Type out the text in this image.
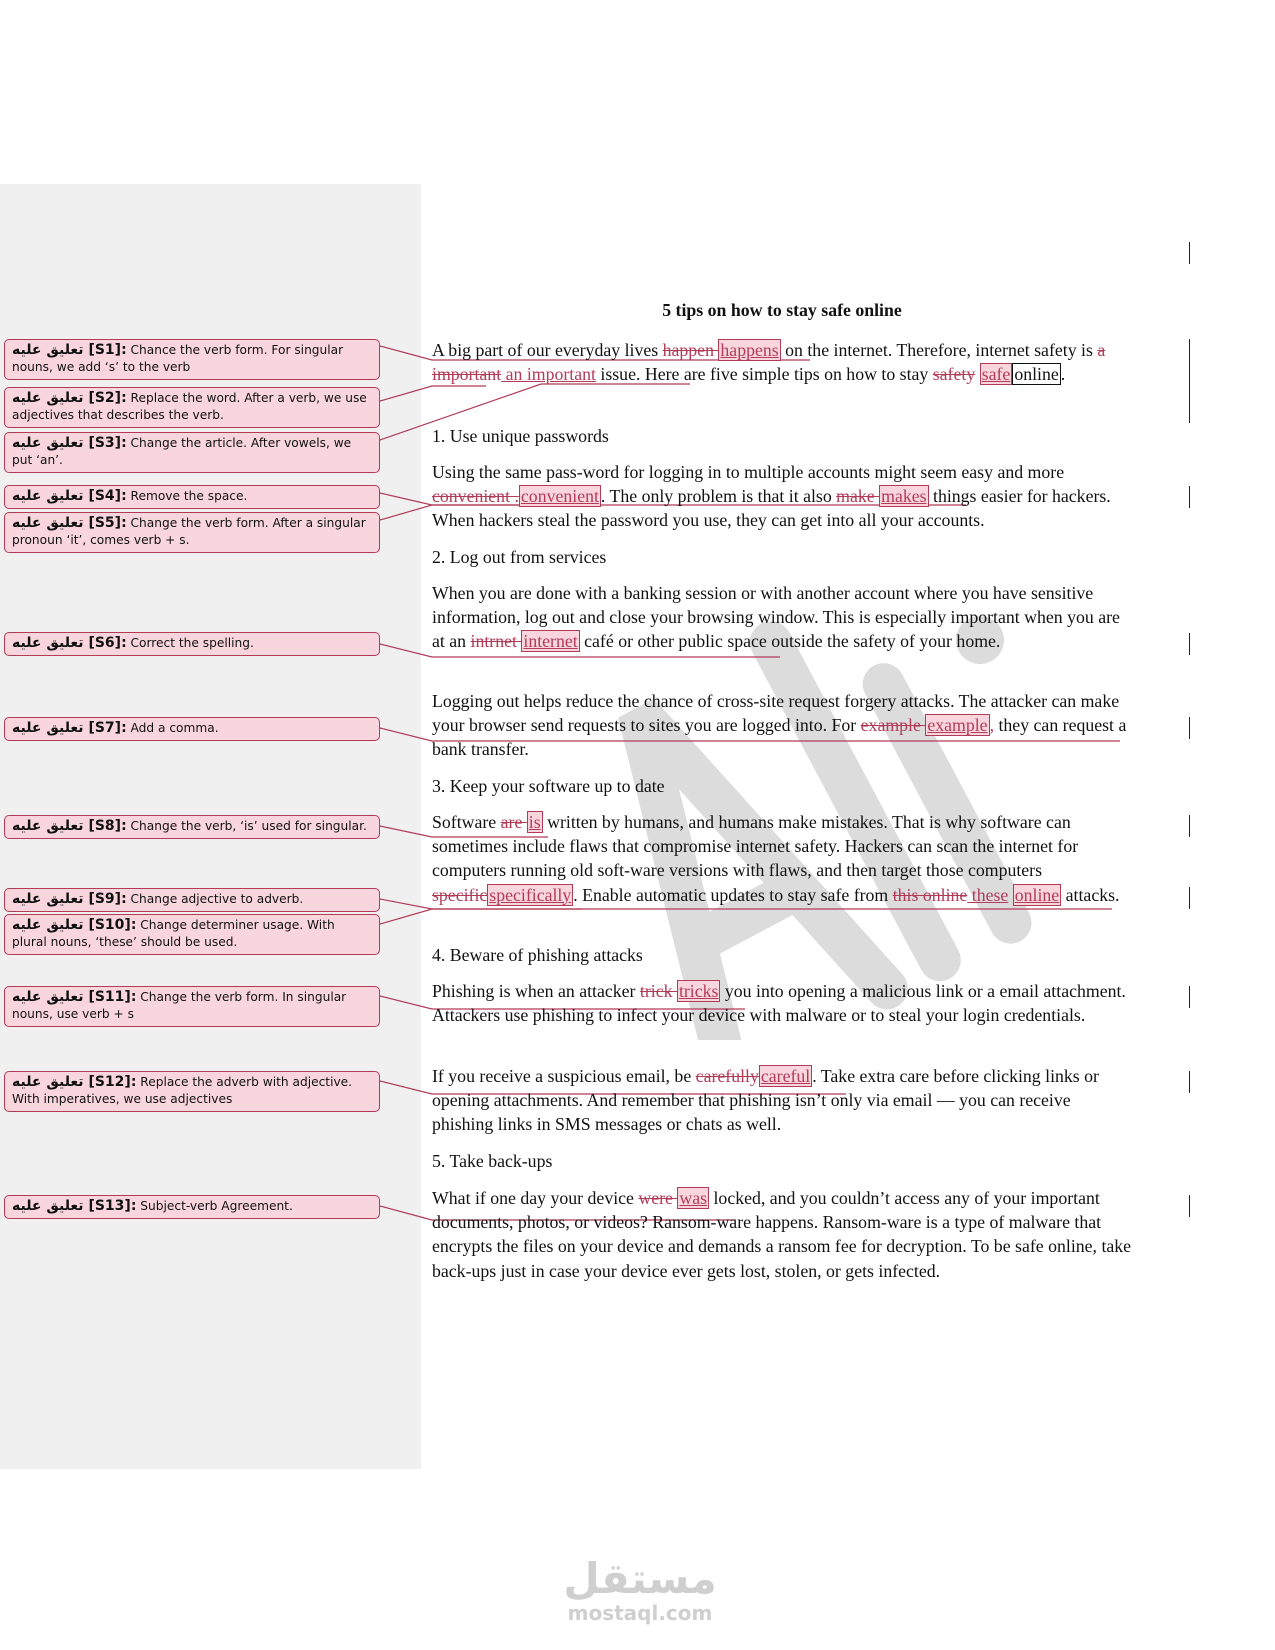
تعليق عليه [S1]: Chance the verb form. For singular nouns, we add ‘s’ to the verb
تعليق عليه [S2]: Replace the word. After a verb, we use adjectives that describes the verb.
تعليق عليه [S3]: Change the article. After vowels, we put ‘an’.
تعليق عليه [S4]: Remove the space.
تعليق عليه [S5]: Change the verb form. After a singular pronoun ‘it’, comes verb + s.
تعليق عليه [S6]: Correct the spelling.
تعليق عليه [S7]: Add a comma.
تعليق عليه [S8]: Change the verb, ‘is’ used for singular.
تعليق عليه [S9]: Change adjective to adverb.
تعليق عليه [S10]: Change determiner usage. With plural nouns, ‘these’ should be used.
تعليق عليه [S11]: Change the verb form. In singular nouns, use verb + s
تعليق عليه [S12]: Replace the adverb with adjective. With imperatives, we use adjectives
تعليق عليه [S13]: Subject-verb Agreement.
5 tips on how to stay safe online
A big part of our everyday lives happen happens on the internet. Therefore, internet safety is a important an important issue. Here are five simple tips on how to stay safety safe online .
1. Use unique passwords
Using the same pass-word for logging in to multiple accounts might seem easy and more convenient . convenient . The only problem is that it also make makes things easier for hackers. When hackers steal the password you use, they can get into all your accounts.
2. Log out from services
When you are done with a banking session or with another account where you have sensitive information, log out and close your browsing window. This is especially important when you are at an intrnet internet café or other public space outside the safety of your home.
Logging out helps reduce the chance of cross-site request forgery attacks. The attacker can make your browser send requests to sites you are logged into. For example example , they can request a bank transfer.
3. Keep your software up to date
Software are is written by humans, and humans make mistakes. That is why software can sometimes include flaws that compromise internet safety. Hackers can scan the internet for computers running old soft-ware versions with flaws, and then target those computers specific specifically . Enable automatic updates to stay safe from this online these online attacks.
4. Beware of phishing attacks
Phishing is when an attacker trick tricks you into opening a malicious link or a email attachment. Attackers use phishing to infect your device with malware or to steal your login credentials.
If you receive a suspicious email, be carefully careful . Take extra care before clicking links or opening attachments. And remember that phishing isn’t only via email — you can receive phishing links in SMS messages or chats as well.
5. Take back-ups
What if one day your device were was locked, and you couldn’t access any of your important documents, photos, or videos? Ransom-ware happens. Ransom-ware is a type of malware that encrypts the files on your device and demands a ransom fee for decryption. To be safe online, take back-ups just in case your device ever gets lost, stolen, or gets infected.
مستقل
mostaql.com
